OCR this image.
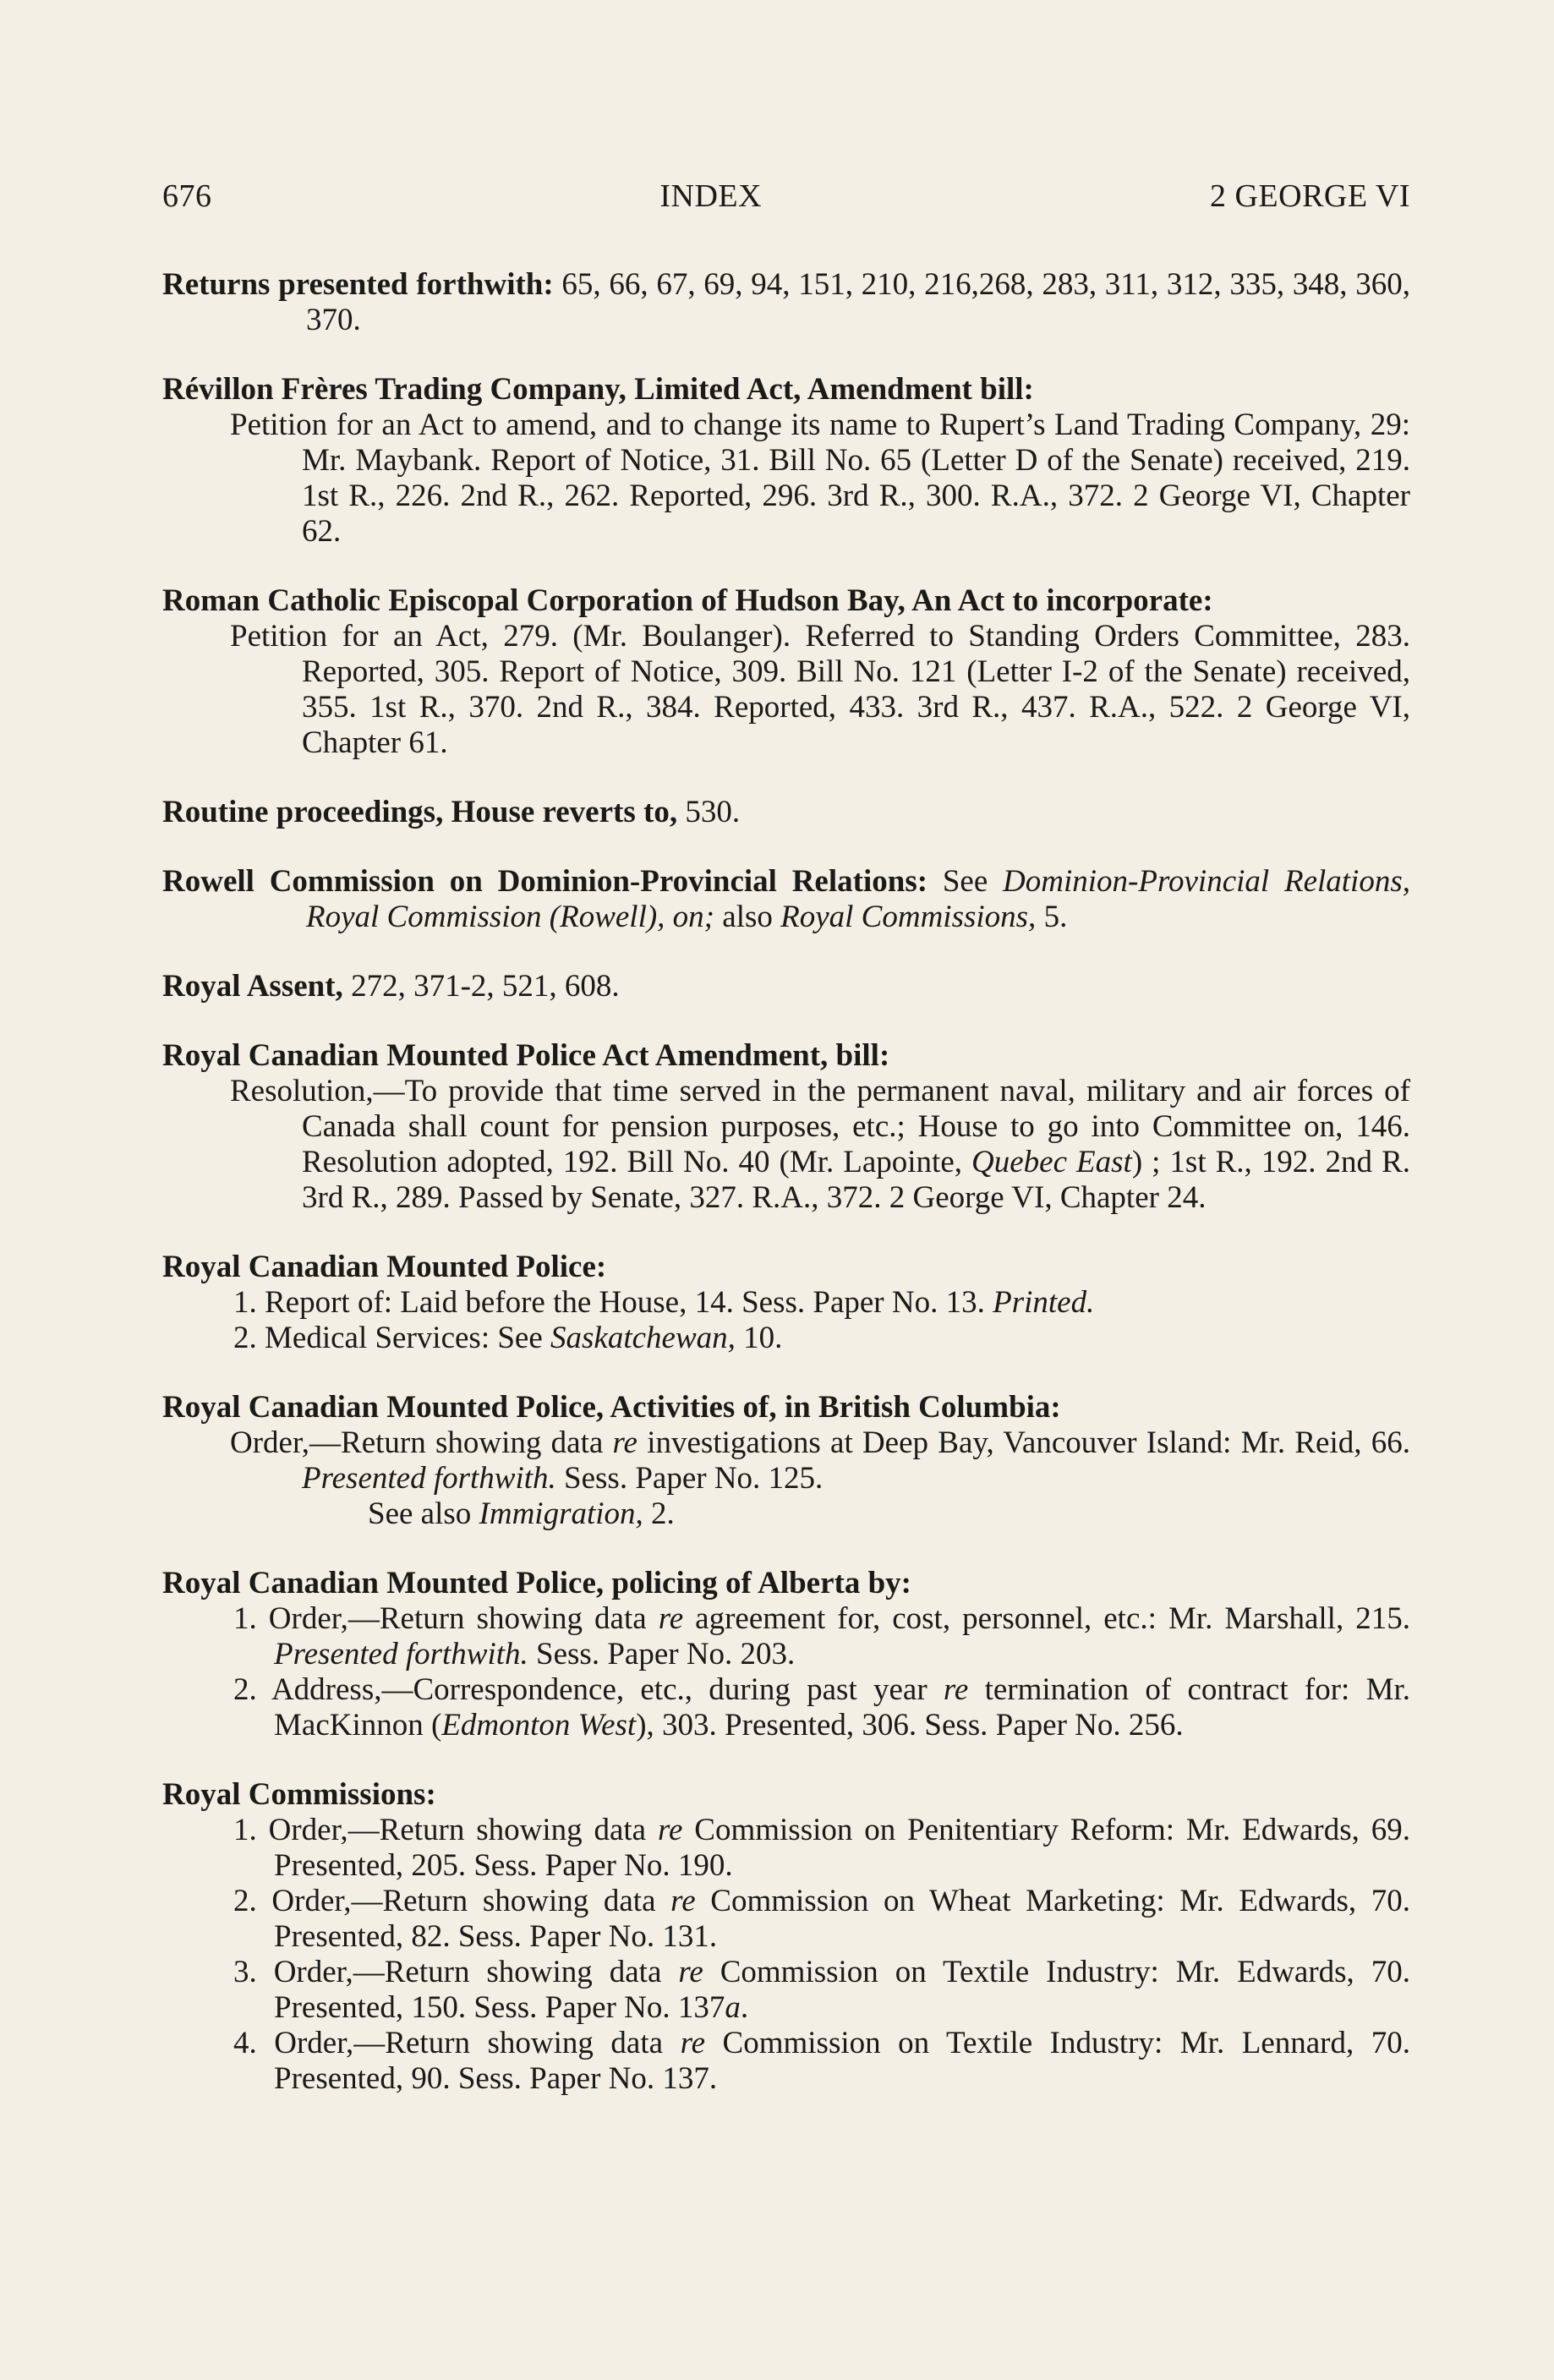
676	INDEX	2 GEORGE VI

Returns presented forthwith: 65, 66, 67, 69, 94, 151, 210, 216,268, 283, 311, 312, 335, 348, 360, 370.

Révillon Frères Trading Company, Limited Act, Amendment bill:

Petition for an Act to amend, and to change its name to Rupert’s Land Trading Company, 29: Mr. Maybank. Report of Notice, 31. Bill No. 65 (Letter D of the Senate) received, 219. 1st R., 226. 2nd R., 262. Reported, 296. 3rd R., 300. R.A., 372. 2 George VI, Chapter 62.

Roman Catholic Episcopal Corporation of Hudson Bay, An Act to incorporate:

Petition for an Act, 279. (Mr. Boulanger). Referred to Standing Orders Committee, 283. Reported, 305. Report of Notice, 309. Bill No. 121 (Letter I-2 of the Senate) received, 355. 1st R., 370. 2nd R., 384. Reported, 433. 3rd R., 437. R.A., 522. 2 George VI, Chapter 61.

Routine proceedings, House reverts to, 530.

Rowell Commission on Dominion-Provincial Relations: See Dominion-Provincial Relations, Royal Commission (Rowell), on; also Royal Commissions, 5.

Royal Assent, 272, 371-2, 521, 608.

Royal Canadian Mounted Police Act Amendment, bill:

Resolution,—To provide that time served in the permanent naval, military and air forces of Canada shall count for pension purposes, etc.; House to go into Committee on, 146. Resolution adopted, 192. Bill No. 40 (Mr. Lapointe, Quebec East) ; 1st R., 192. 2nd R. 3rd R., 289. Passed by Senate, 327. R.A., 372. 2 George VI, Chapter 24.

Royal Canadian Mounted Police:

1. Report of: Laid before the House, 14. Sess. Paper No. 13. Printed.

2. Medical Services: See Saskatchewan, 10.

Royal Canadian Mounted Police, Activities of, in British Columbia:

Order,—Return showing data re investigations at Deep Bay, Vancouver Island: Mr. Reid, 66. Presented forthwith. Sess. Paper No. 125.

See also Immigration, 2.

Royal Canadian Mounted Police, policing of Alberta by:

1. Order,—Return showing data re agreement for, cost, personnel, etc.: Mr. Marshall, 215. Presented forthwith. Sess. Paper No. 203.

2. Address,—Correspondence, etc., during past year re termination of contract for: Mr. MacKinnon (Edmonton West), 303. Presented, 306. Sess. Paper No. 256.

Royal Commissions:

1. Order,—Return showing data re Commission on Penitentiary Reform: Mr. Edwards, 69. Presented, 205. Sess. Paper No. 190.

2. Order,—Return showing data re Commission on Wheat Marketing: Mr. Edwards, 70. Presented, 82. Sess. Paper No. 131.

3. Order,—Return showing data re Commission on Textile Industry: Mr. Edwards, 70. Presented, 150. Sess. Paper No. 137a.

4. Order,—Return showing data re Commission on Textile Industry: Mr. Lennard, 70. Presented, 90. Sess. Paper No. 137.
